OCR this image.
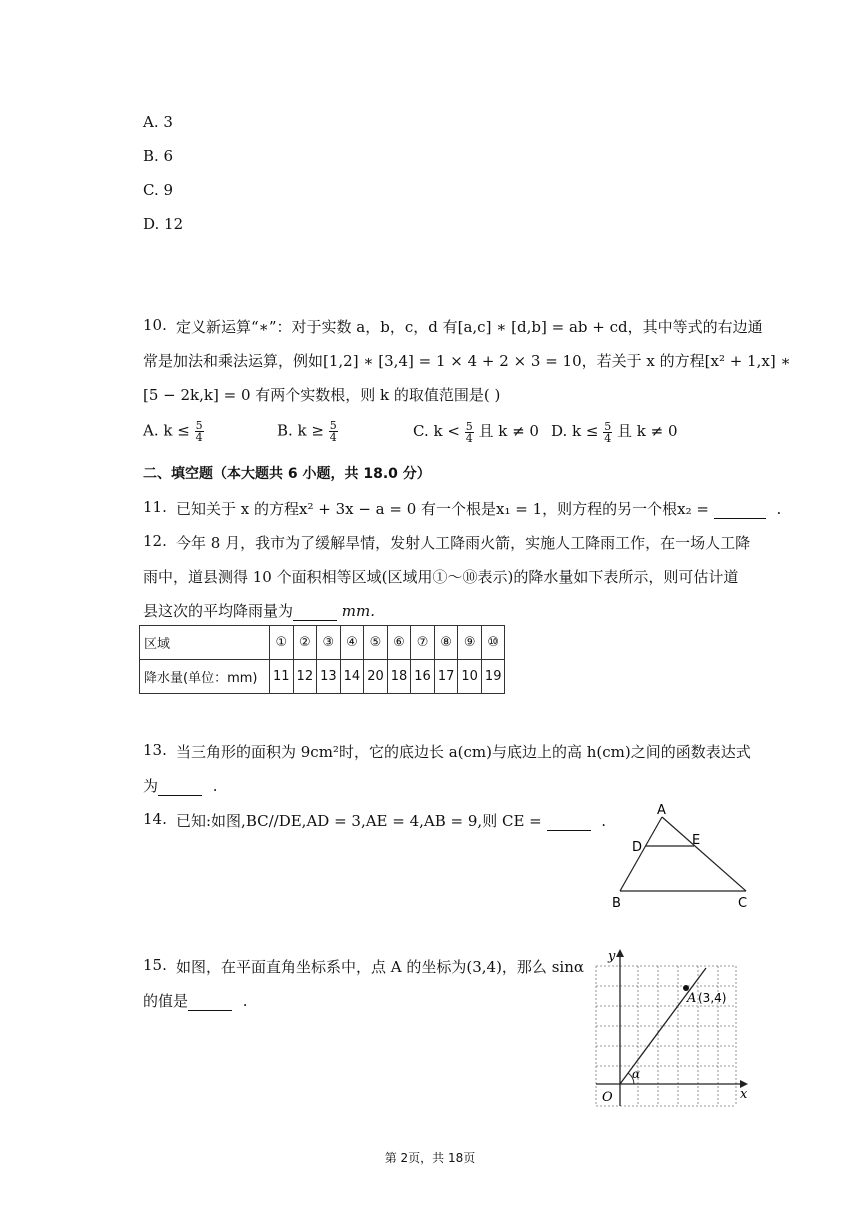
A. 3
B. 6
C. 9
D. 12
10. 定义新运算“∗”：对于实数 a，b，c，d 有[a,c] ∗ [d,b] = ab + cd，其中等式的右边通
常是加法和乘法运算，例如[1,2] ∗ [3,4] = 1 × 4 + 2 × 3 = 10，若关于 x 的方程[x² + 1,x] ∗
[5 − 2k,k] = 0 有两个实数根，则 k 的取值范围是( )
A. $k \le \frac{5}{4}$	B. $k \ge \frac{5}{4}$	C. $k < \frac{5}{4}$ 且 k ≠ 0 D. $k \le \frac{5}{4}$ 且 k ≠ 0
二、填空题（本大题共 6 小题，共 18.0 分）
11. 已知关于 x 的方程x² + 3x − a = 0 有一个根是x₁ = 1，则方程的另一个根x₂ =	.
12. 今年 8 月，我市为了缓解旱情，发射人工降雨火箭，实施人工降雨工作，在一场人工降
雨中，道县测得 10 个面积相等区域(区域用①～⑩表示)的降水量如下表所示，则可估计道
县这次的平均降雨量为	mm.
区域	①	②	③	④	⑤	⑥	⑦	⑧	⑨	⑩
降水量(单位：mm)	11	12	13	14	20	18	16	17	10	19
13. 当三角形的面积为 9cm²时，它的底边长 a(cm)与底边上的高 h(cm)之间的函数表达式
为	.
14. 已知:如图,BC//DE,AD = 3,AE = 4,AB = 9,则 CE =	.
A
D	E
B	C
15. 如图，在平面直角坐标系中，点 A 的坐标为(3,4)，那么 sinα
的值是	.
y
x
O
α
A (3,4)
第 2页，共 18页
